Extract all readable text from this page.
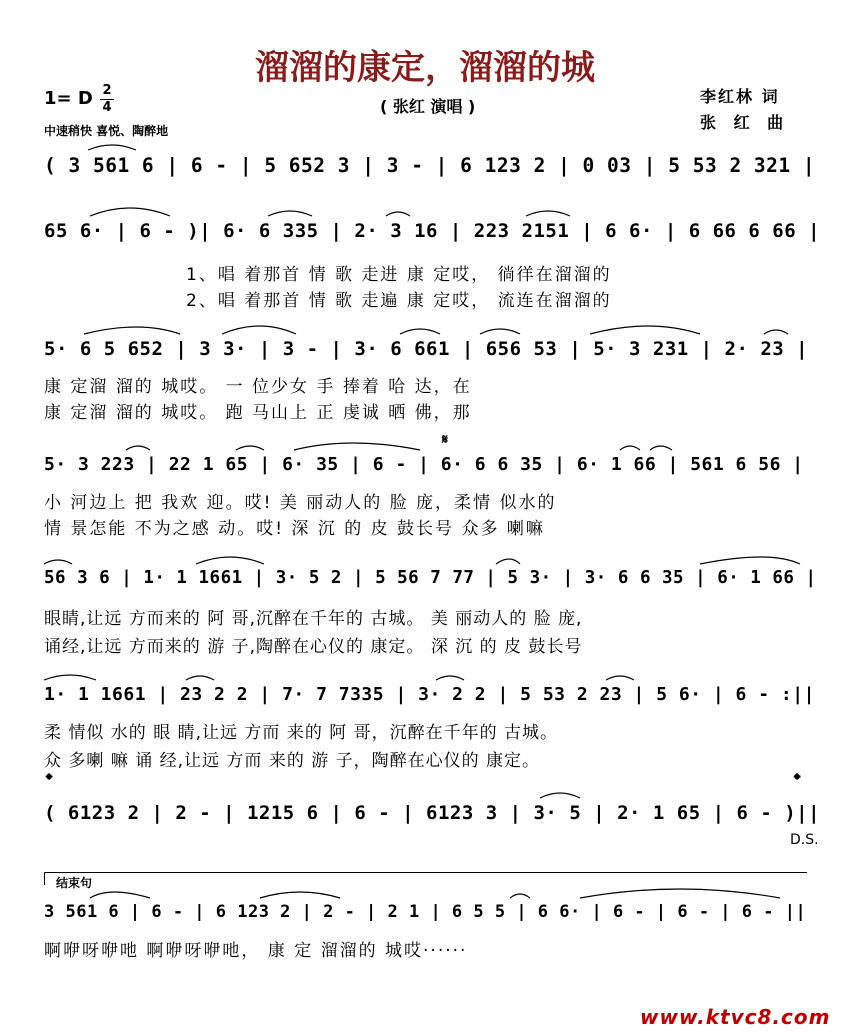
溜溜的康定，溜溜的城
1= D 2
4	( 张红 演唱 )
李红林 词
张 红 曲
中速稍快 喜悦、陶醉地
( 3 561 6 | 6 - | 5 652 3 | 3 - | 6 123 2 | 0 03 | 5 53 2 321 |
65 6· | 6 - )| 6· 6 335 | 2· 3 16 | 223 2151 | 6 6· | 6 66 6 66 |
1、唱 着那首 情 歌 走进 康 定哎， 徜徉在溜溜的
2、唱 着那首 情 歌 走遍 康 定哎， 流连在溜溜的
5· 6 5 652 | 3 3· | 3 - | 3· 6 661 | 656 53 | 5· 3 231 | 2· 23 |
康 定溜 溜的 城哎。 一 位少女 手 捧着 哈 达，在
康 定溜 溜的 城哎。 跑 马山上 正 虔诚 晒 佛，那
𝄋
5· 3 223 | 22 1 65 | 6· 35 | 6 - | 6· 6 6 35 | 6· 1 66 | 561 6 56 |
小 河边上 把 我欢 迎。哎! 美 丽动人的 脸 庞，柔情 似水的
情 景怎能 不为之感 动。哎! 深 沉 的 皮 鼓长号 众多 喇嘛
56 3 6 | 1· 1 1661 | 3· 5 2 | 5 56 7 77 | 5 3· | 3· 6 6 35 | 6· 1 66 |
眼睛,让远 方而来的 阿 哥,沉醉在千年的 古城。 美 丽动人的 脸 庞,
诵经,让远 方而来的 游 子,陶醉在心仪的 康定。 深 沉 的 皮 鼓长号
1· 1 1661 | 23 2 2 | 7· 7 7335 | 3· 2 2 | 5 53 2 23 | 5 6· | 6 - :||
柔 情似 水的 眼 睛,让远 方而 来的 阿 哥，沉醉在千年的 古城。
众 多喇 嘛 诵 经,让远 方而 来的 游 子，陶醉在心仪的 康定。
𝄌	𝄌
( 6123 2 | 2 - | 1215 6 | 6 - | 6123 3 | 3· 5 | 2· 1 65 | 6 - )||
D.S.
结束句
3 561 6 | 6 - | 6 123 2 | 2 - | 2 1 | 6 5 5 | 6 6· | 6 - | 6 - | 6 - ||
啊咿呀咿吔 啊咿呀咿吔， 康 定 溜溜的 城哎······
www.ktvc8.com
